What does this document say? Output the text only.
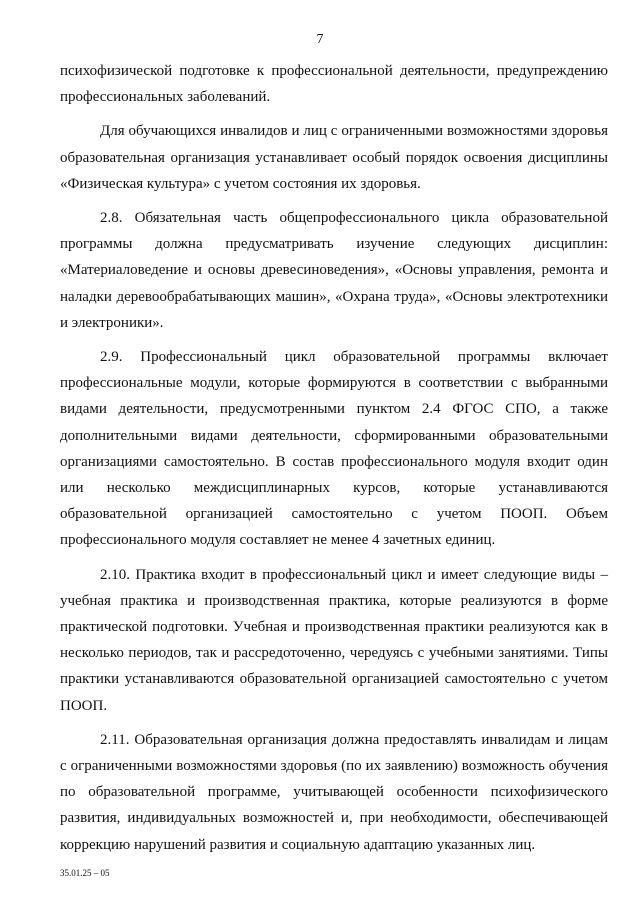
7

психофизической подготовке к профессиональной деятельности, предупреждению профессиональных заболеваний.

Для обучающихся инвалидов и лиц с ограниченными возможностями здоровья образовательная организация устанавливает особый порядок освоения дисциплины «Физическая культура» с учетом состояния их здоровья.

2.8. Обязательная часть общепрофессионального цикла образовательной программы должна предусматривать изучение следующих дисциплин: «Материаловедение и основы древесиноведения», «Основы управления, ремонта и наладки деревообрабатывающих машин», «Охрана труда», «Основы электротехники и электроники».

2.9. Профессиональный цикл образовательной программы включает профессиональные модули, которые формируются в соответствии с выбранными видами деятельности, предусмотренными пунктом 2.4 ФГОС СПО, а также дополнительными видами деятельности, сформированными образовательными организациями самостоятельно. В состав профессионального модуля входит один или несколько междисциплинарных курсов, которые устанавливаются образовательной организацией самостоятельно с учетом ПООП. Объем профессионального модуля составляет не менее 4 зачетных единиц.

2.10. Практика входит в профессиональный цикл и имеет следующие виды – учебная практика и производственная практика, которые реализуются в форме практической подготовки. Учебная и производственная практики реализуются как в несколько периодов, так и рассредоточенно, чередуясь с учебными занятиями. Типы практики устанавливаются образовательной организацией самостоятельно с учетом ПООП.

2.11. Образовательная организация должна предоставлять инвалидам и лицам с ограниченными возможностями здоровья (по их заявлению) возможность обучения по образовательной программе, учитывающей особенности психофизического развития, индивидуальных возможностей и, при необходимости, обеспечивающей коррекцию нарушений развития и социальную адаптацию указанных лиц.

35.01.25 – 05
